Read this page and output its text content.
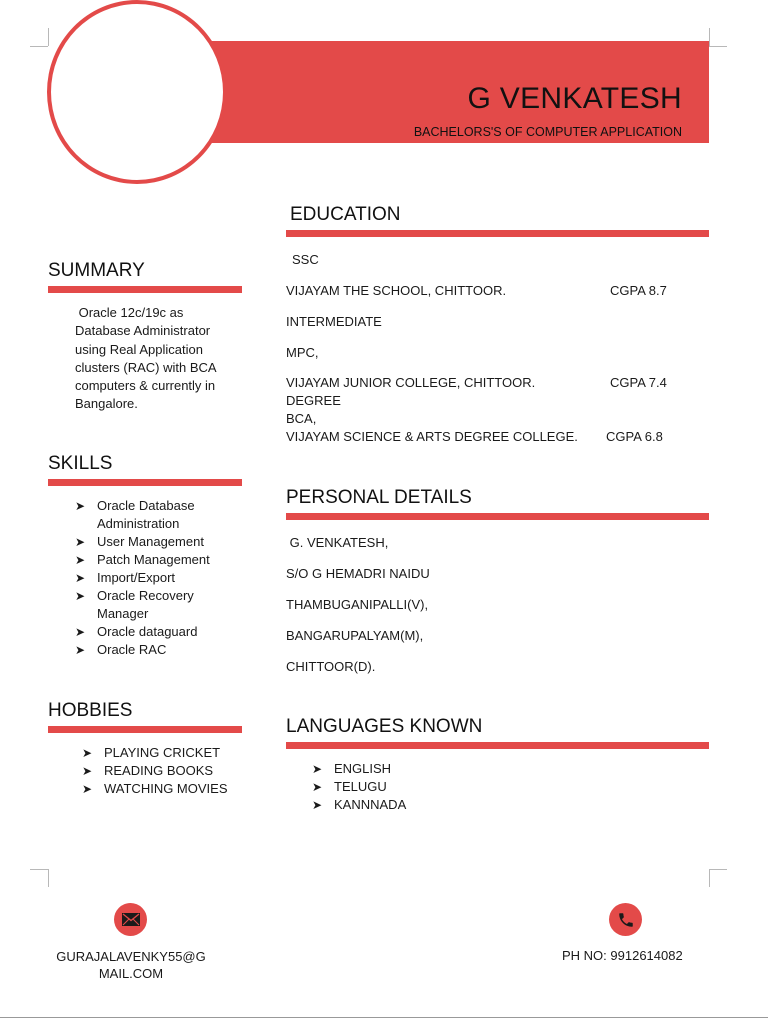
G VENKATESH
BACHELORS'S OF COMPUTER APPLICATION
SUMMARY
Oracle 12c/19c as
Database Administrator
using Real Application
clusters (RAC) with BCA
computers & currently in
Bangalore.
SKILLS
➤ Oracle Database
Administration
➤ User Management
➤ Patch Management
➤ Import/Export
➤ Oracle Recovery
Manager
➤ Oracle dataguard
➤ Oracle RAC
HOBBIES
➤ PLAYING CRICKET
➤ READING BOOKS
➤ WATCHING MOVIES
EDUCATION
SSC
VIJAYAM THE SCHOOL, CHITTOOR.	CGPA 8.7
INTERMEDIATE
MPC,
VIJAYAM JUNIOR COLLEGE, CHITTOOR.	CGPA 7.4
DEGREE
BCA,
VIJAYAM SCIENCE & ARTS DEGREE COLLEGE. CGPA 6.8
PERSONAL DETAILS
G. VENKATESH,
S/O G HEMADRI NAIDU
THAMBUGANIPALLI(V),
BANGARUPALYAM(M),
CHITTOOR(D).
LANGUAGES KNOWN
➤ ENGLISH
➤ TELUGU
➤ KANNNADA
GURAJALAVENKY55@G
MAIL.COM
PH NO: 9912614082
